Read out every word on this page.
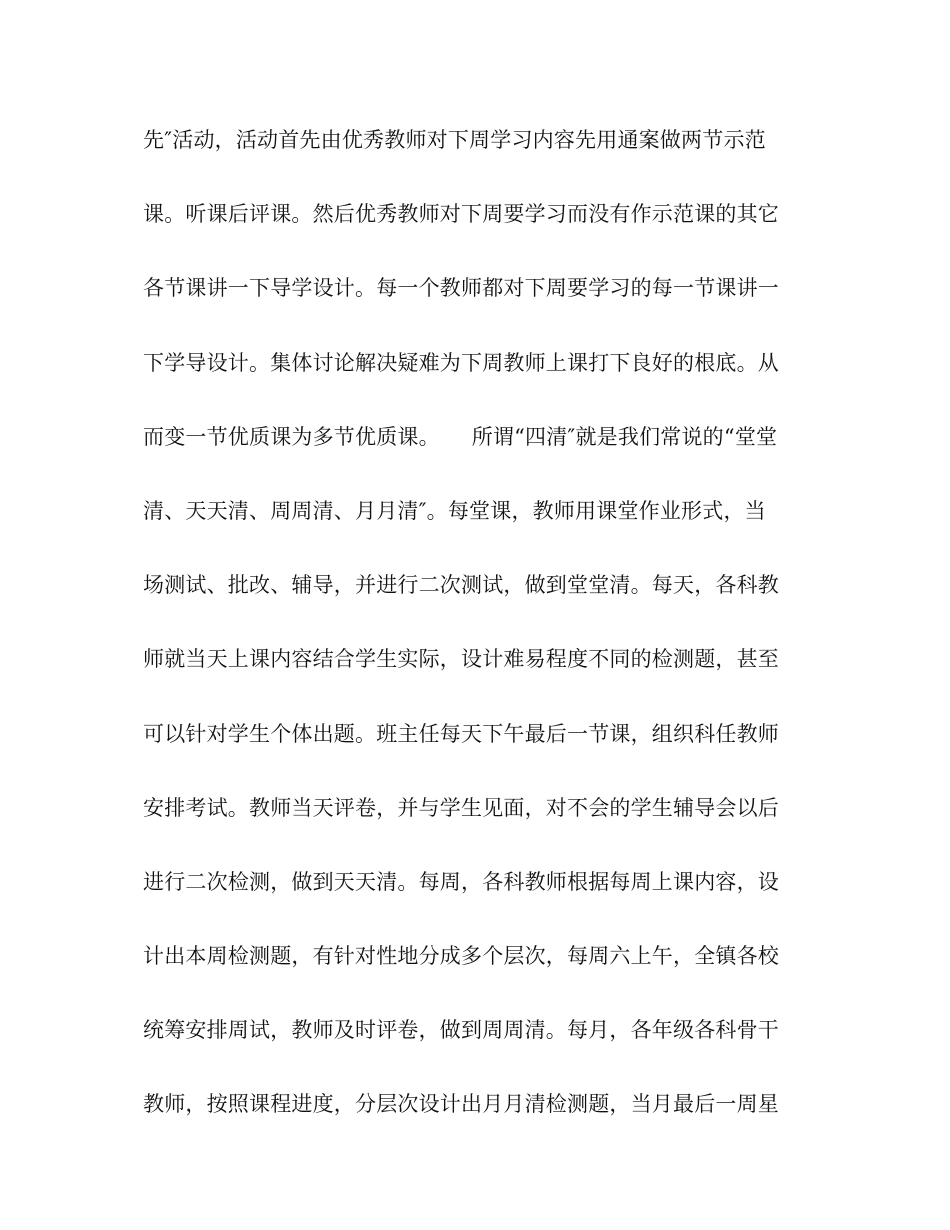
先″活动，活动首先由优秀教师对下周学习内容先用通案做两节示范

课。听课后评课。然后优秀教师对下周要学习而没有作示范课的其它

各节课讲一下导学设计。每一个教师都对下周要学习的每一节课讲一

下学导设计。集体讨论解决疑难为下周教师上课打下良好的根底。从

而变一节优质课为多节优质课。　　所谓“四清″就是我们常说的“堂堂

清、天天清、周周清、月月清″。每堂课，教师用课堂作业形式，当

场测试、批改、辅导，并进行二次测试，做到堂堂清。每天，各科教

师就当天上课内容结合学生实际，设计难易程度不同的检测题，甚至

可以针对学生个体出题。班主任每天下午最后一节课，组织科任教师

安排考试。教师当天评卷，并与学生见面，对不会的学生辅导会以后

进行二次检测，做到天天清。每周，各科教师根据每周上课内容，设

计出本周检测题，有针对性地分成多个层次，每周六上午，全镇各校

统筹安排周试，教师及时评卷，做到周周清。每月，各年级各科骨干

教师，按照课程进度，分层次设计出月月清检测题，当月最后一周星
